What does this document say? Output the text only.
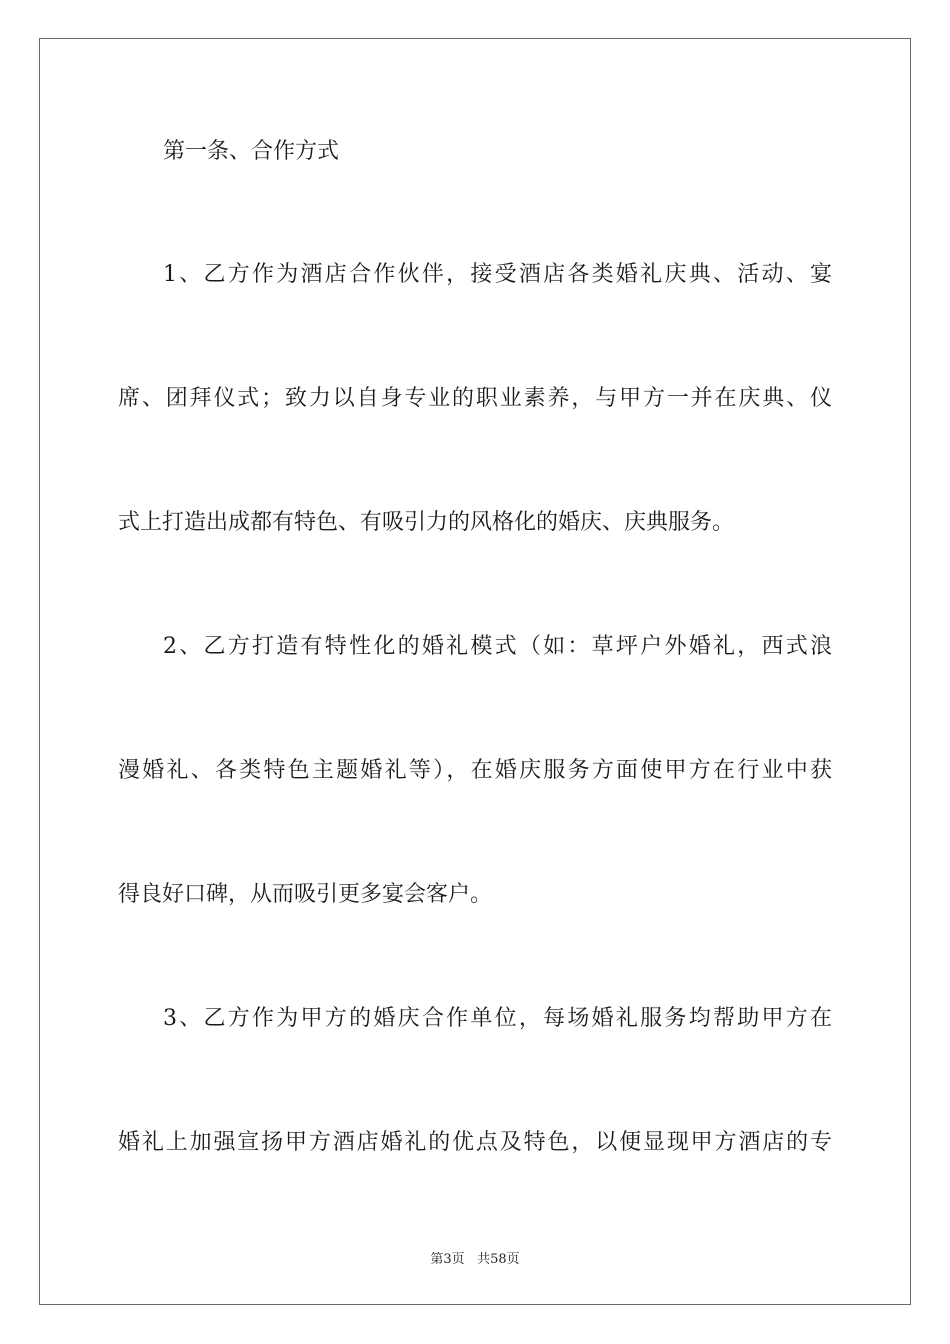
第一条、合作方式
1、乙方作为酒店合作伙伴，接受酒店各类婚礼庆典、活动、宴
席、团拜仪式；致力以自身专业的职业素养，与甲方一并在庆典、仪
式上打造出成都有特色、有吸引力的风格化的婚庆、庆典服务。
2、乙方打造有特性化的婚礼模式（如：草坪户外婚礼，西式浪
漫婚礼、各类特色主题婚礼等），在婚庆服务方面使甲方在行业中获
得良好口碑，从而吸引更多宴会客户。
3、乙方作为甲方的婚庆合作单位，每场婚礼服务均帮助甲方在
婚礼上加强宣扬甲方酒店婚礼的优点及特色，以便显现甲方酒店的专
第3页 共58页
